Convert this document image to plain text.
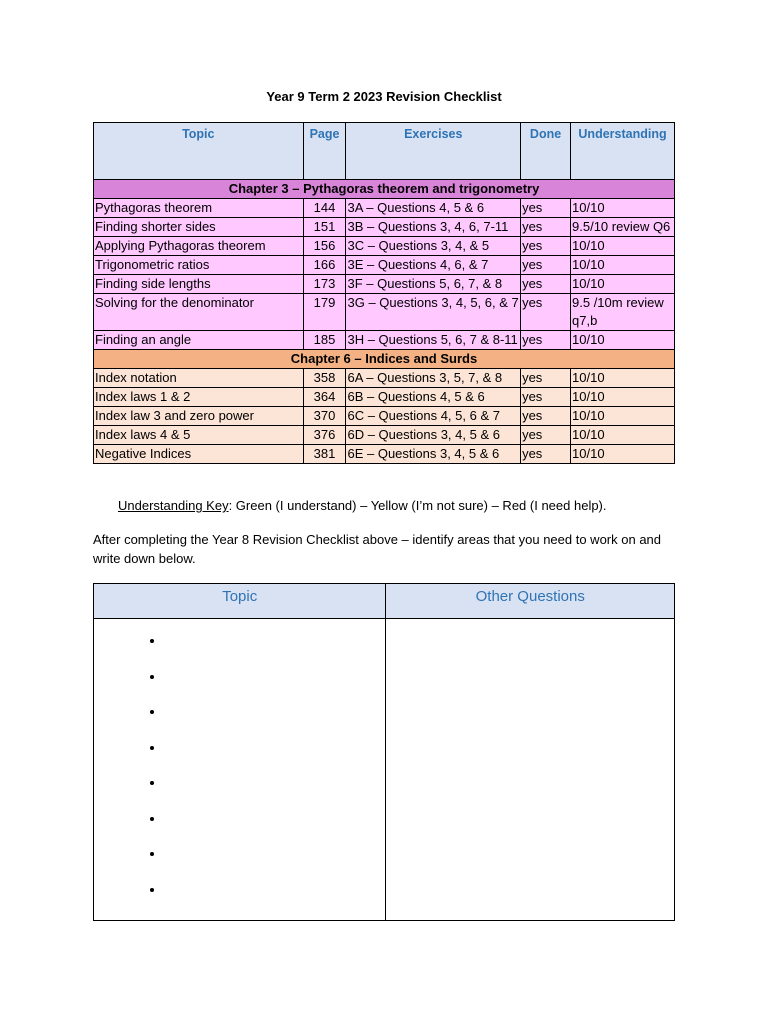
Year 9 Term 2 2023 Revision Checklist
Topic	Page	Exercises	Done	Understanding
Chapter 3 – Pythagoras theorem and trigonometry				
Pythagoras theorem	144	3A – Questions 4, 5 & 6	yes	10/10
Finding shorter sides	151	3B – Questions 3, 4, 6, 7-11	yes	9.5/10 review Q6
Applying Pythagoras theorem	156	3C – Questions 3, 4, & 5	yes	10/10
Trigonometric ratios	166	3E – Questions 4, 6, & 7	yes	10/10
Finding side lengths	173	3F – Questions 5, 6, 7, & 8	yes	10/10
Solving for the denominator	179	3G – Questions 3, 4, 5, 6, & 7	yes	9.5 /10m review q7,b
Finding an angle	185	3H – Questions 5, 6, 7 & 8-11	yes	10/10
Chapter 6 – Indices and Surds				
Index notation	358	6A – Questions 3, 5, 7, & 8	yes	10/10
Index laws 1 & 2	364	6B – Questions 4, 5 & 6	yes	10/10
Index law 3 and zero power	370	6C – Questions 4, 5, 6 & 7	yes	10/10
Index laws 4 & 5	376	6D – Questions 3, 4, 5 & 6	yes	10/10
Negative Indices	381	6E – Questions 3, 4, 5 & 6	yes	10/10
Understanding Key: Green (I understand) – Yellow (I’m not sure) – Red (I need help).
After completing the Year 8 Revision Checklist above – identify areas that you need to work on and write down below.
Topic	Other Questions

•
•
•
•
•
•
•
•
